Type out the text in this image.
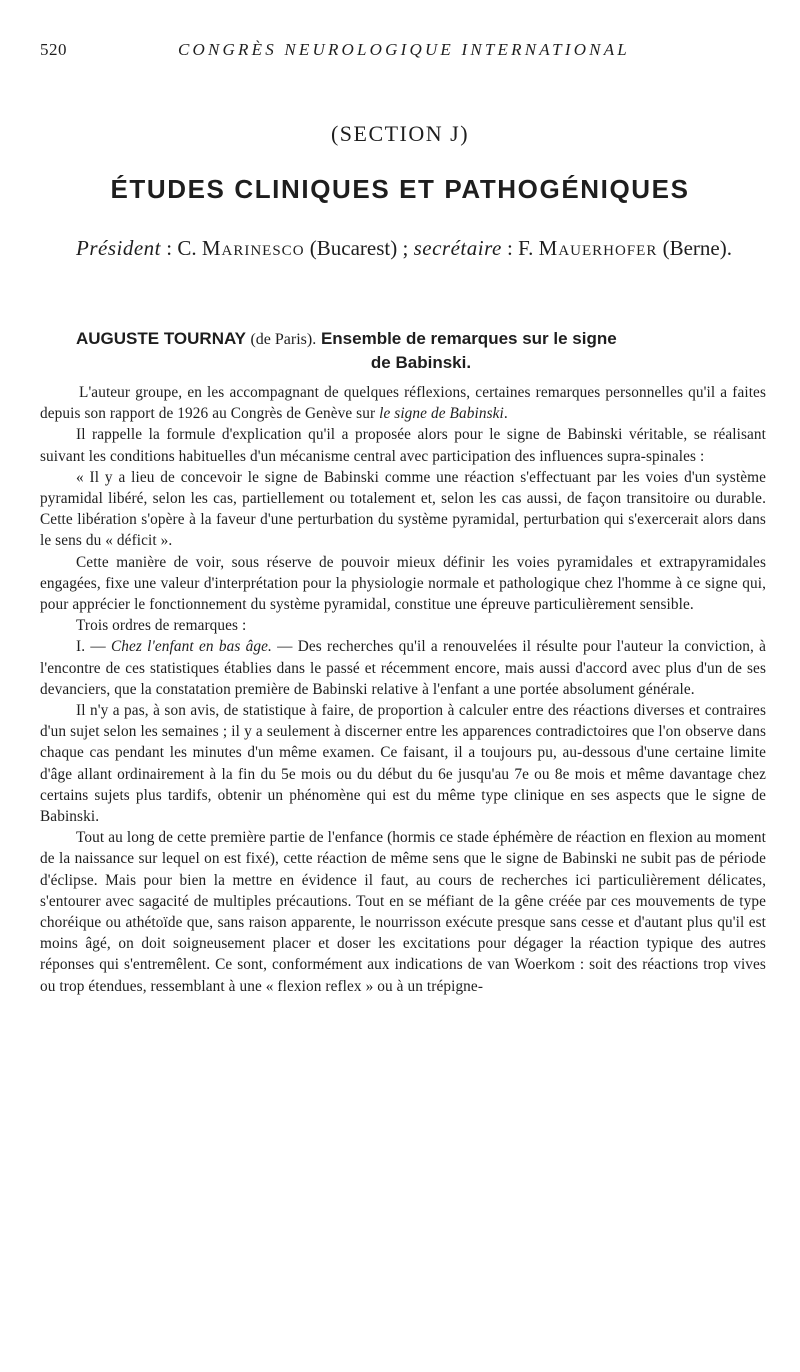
520	CONGRÈS NEUROLOGIQUE INTERNATIONAL
(SECTION J)
ÉTUDES CLINIQUES ET PATHOGÉNIQUES
Président : C. Marinesco (Bucarest) ; secrétaire : F. Mauerhofer (Berne).
AUGUSTE TOURNAY (de Paris). Ensemble de remarques sur le signe
de Babinski.

L'auteur groupe, en les accompagnant de quelques réflexions, certaines remarques personnelles qu'il a faites depuis son rapport de 1926 au Congrès de Genève sur le signe de Babinski.

Il rappelle la formule d'explication qu'il a proposée alors pour le signe de Babinski véritable, se réalisant suivant les conditions habituelles d'un mécanisme central avec participation des influences supra-spinales :

« Il y a lieu de concevoir le signe de Babinski comme une réaction s'effectuant par les voies d'un système pyramidal libéré, selon les cas, partiellement ou totalement et, selon les cas aussi, de façon transitoire ou durable. Cette libération s'opère à la faveur d'une perturbation du système pyramidal, perturbation qui s'exercerait alors dans le sens du « déficit ».

Cette manière de voir, sous réserve de pouvoir mieux définir les voies pyramidales et extrapyramidales engagées, fixe une valeur d'interprétation pour la physiologie normale et pathologique chez l'homme à ce signe qui, pour apprécier le fonctionnement du système pyramidal, constitue une épreuve particulièrement sensible.

Trois ordres de remarques :

I. — Chez l'enfant en bas âge. — Des recherches qu'il a renouvelées il résulte pour l'auteur la conviction, à l'encontre de ces statistiques établies dans le passé et récemment encore, mais aussi d'accord avec plus d'un de ses devanciers, que la constatation première de Babinski relative à l'enfant a une portée absolument générale.

Il n'y a pas, à son avis, de statistique à faire, de proportion à calculer entre des réactions diverses et contraires d'un sujet selon les semaines ; il y a seulement à discerner entre les apparences contradictoires que l'on observe dans chaque cas pendant les minutes d'un même examen. Ce faisant, il a toujours pu, au-dessous d'une certaine limite d'âge allant ordinairement à la fin du 5e mois ou du début du 6e jusqu'au 7e ou 8e mois et même davantage chez certains sujets plus tardifs, obtenir un phénomène qui est du même type clinique en ses aspects que le signe de Babinski.

Tout au long de cette première partie de l'enfance (hormis ce stade éphémère de réaction en flexion au moment de la naissance sur lequel on est fixé), cette réaction de même sens que le signe de Babinski ne subit pas de période d'éclipse. Mais pour bien la mettre en évidence il faut, au cours de recherches ici particulièrement délicates, s'entourer avec sagacité de multiples précautions. Tout en se méfiant de la gêne créée par ces mouvements de type choréique ou athétoïde que, sans raison apparente, le nourrisson exécute presque sans cesse et d'autant plus qu'il est moins âgé, on doit soigneusement placer et doser les excitations pour dégager la réaction typique des autres réponses qui s'entremêlent. Ce sont, conformément aux indications de van Woerkom : soit des réactions trop vives ou trop étendues, ressemblant à une « flexion reflex » ou à un trépigne-
